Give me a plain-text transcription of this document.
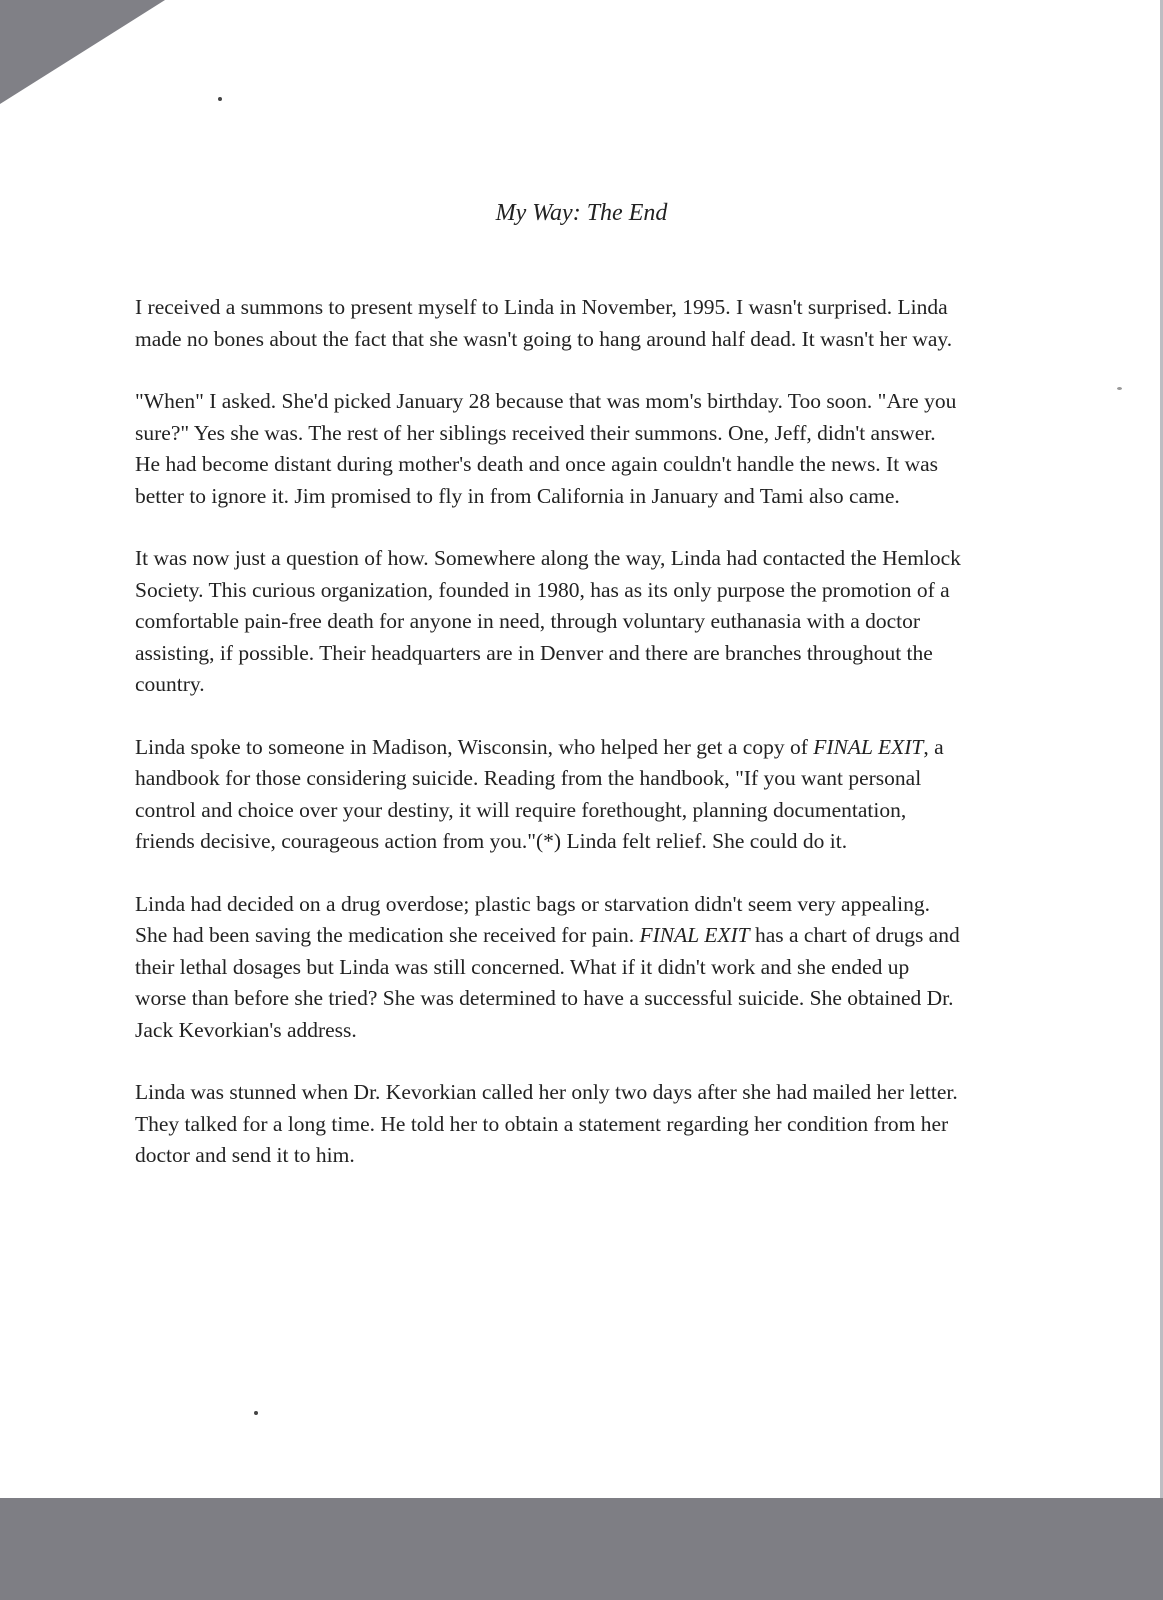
My Way: The End

I received a summons to present myself to Linda in November, 1995. I wasn't surprised. Linda made no bones about the fact that she wasn't going to hang around half dead. It wasn't her way.

"When" I asked. She'd picked January 28 because that was mom's birthday. Too soon. "Are you sure?" Yes she was. The rest of her siblings received their summons. One, Jeff, didn't answer. He had become distant during mother's death and once again couldn't handle the news. It was better to ignore it. Jim promised to fly in from California in January and Tami also came.

It was now just a question of how. Somewhere along the way, Linda had contacted the Hemlock Society. This curious organization, founded in 1980, has as its only purpose the promotion of a comfortable pain-free death for anyone in need, through voluntary euthanasia with a doctor assisting, if possible. Their headquarters are in Denver and there are branches throughout the country.

Linda spoke to someone in Madison, Wisconsin, who helped her get a copy of FINAL EXIT, a handbook for those considering suicide. Reading from the handbook, "If you want personal control and choice over your destiny, it will require forethought, planning documentation, friends decisive, courageous action from you."(*) Linda felt relief. She could do it.

Linda had decided on a drug overdose; plastic bags or starvation didn't seem very appealing. She had been saving the medication she received for pain. FINAL EXIT has a chart of drugs and their lethal dosages but Linda was still concerned. What if it didn't work and she ended up worse than before she tried? She was determined to have a successful suicide. She obtained Dr. Jack Kevorkian's address.

Linda was stunned when Dr. Kevorkian called her only two days after she had mailed her letter. They talked for a long time. He told her to obtain a statement regarding her condition from her doctor and send it to him.
